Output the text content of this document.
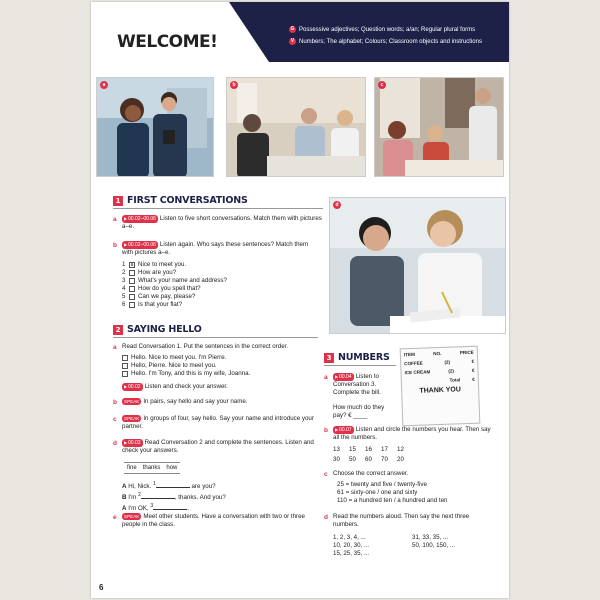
WELCOME!
G Possessive adjectives; Question words; a/an; Regular plural forms
V Numbers; The alphabet; Colours; Classroom objects and instructions
a	b	c
1 FIRST CONVERSATIONS
a	▶ 00.02–00.06 Listen to five short conversations. Match them with pictures a–e.
b	▶ 00.02–00.06 Listen again. Who says these sentences? Match them with pictures a–e.
1	a Nice to meet you.
2	How are you?
3	What's your name and address?
4	How do you spell that?
5	Can we pay, please?
6	Is that your flat?
d
2 SAYING HELLO
a Read Conversation 1. Put the sentences in the correct order.
Hello. Nice to meet you. I'm Pierre.
Hello, Pierre. Nice to meet you.
Hello. I'm Tony, and this is my wife, Joanna.
▶ 00.02 Listen and check your answer.
b	SPEAK In pairs, say hello and say your name.
c	SPEAK In groups of four, say hello. Say your name and introduce your partner.
d	▶ 00.03 Read Conversation 2 and complete the sentences. Listen and check your answers.
fine thanks how
A Hi, Nick. $^1$	are you?
B I'm $^2$	, thanks. And you?
A I'm OK, $^3$	.
e	SPEAK Meet other students. Have a conversation with two or three people in the class.
3 NUMBERS
a	▶ 00.04 Listen to Conversation 3. Complete the bill.
How much do they pay? € ____
ITEM	NO.	PRICE
COFFEE	(2)	€
ICE CREAM	(2)	€
Total	€
THANK YOU
b	▶ 00.07 Listen and circle the numbers you hear. Then say all the numbers.
13	15	16	17	12
30	50	60	70	20
c Choose the correct answer.
25 = twenty and five / twenty-five
61 = sixty-one / one and sixty
110 = a hundred ten / a hundred and ten
d Read the numbers aloud. Then say the next three numbers.
1, 2, 3, 4, ...
10, 20, 30, ...
15, 25, 35, ...
31, 33, 35, ...
50, 100, 150, ...
6
